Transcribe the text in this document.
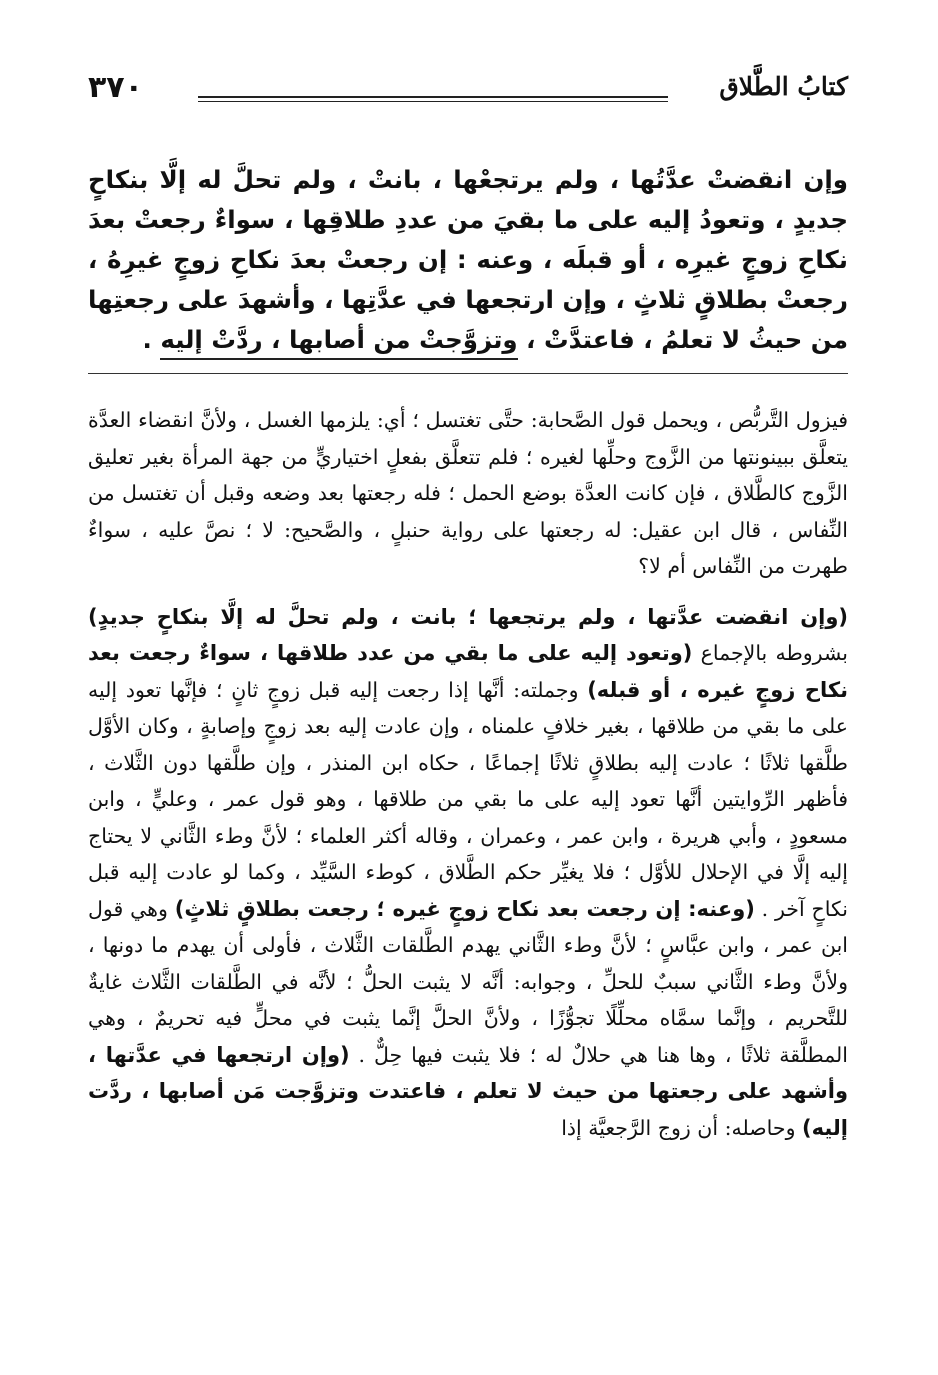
٣٧٠	كتابُ الطَّلاق
وإن انقضتْ عدَّتُها ، ولم يرتجعْها ، بانتْ ، ولم تحلَّ له إلَّا بنكاحٍ جديدٍ ، وتعودُ إليه على ما بقيَ من عددِ طلاقِها ، سواءٌ رجعتْ بعدَ نكاحِ زوجٍ غيرِه ، أو قبلَه ، وعنه : إن رجعتْ بعدَ نكاحِ زوجٍ غيرِهُ ، رجعتْ بطلاقٍ ثلاثٍ ، وإن ارتجعها في عدَّتِها ، وأشهدَ على رجعتِها من حيثُ لا تعلمُ ، فاعتدَّتْ ، وتزوَّجتْ من أصابها ، ردَّتْ إليه .

فيزول التَّربُّص ، ويحمل قول الصَّحابة: حتَّى تغتسل ؛ أي: يلزمها الغسل ، ولأنَّ انقضاء العدَّة يتعلَّق ببينونتها من الزَّوج وحلِّها لغيره ؛ فلم تتعلَّق بفعلٍ اختياريٍّ من جهة المرأة بغير تعليق الزَّوج كالطَّلاق ، فإن كانت العدَّة بوضع الحمل ؛ فله رجعتها بعد وضعه وقبل أن تغتسل من النِّفاس ، قال ابن عقيل: له رجعتها على رواية حنبلٍ ، والصَّحيح: لا ؛ نصَّ عليه ، سواءٌ طهرت من النِّفاس أم لا؟

(وإن انقضت عدَّتها ، ولم يرتجعها ؛ بانت ، ولم تحلَّ له إلَّا بنكاحٍ جديدٍ) بشروطه بالإجماع (وتعود إليه على ما بقي من عدد طلاقها ، سواءٌ رجعت بعد نكاح زوجٍ غيره ، أو قبله) وجملته: أنَّها إذا رجعت إليه قبل زوجٍ ثانٍ ؛ فإنَّها تعود إليه على ما بقي من طلاقها ، بغير خلافٍ علمناه ، وإن عادت إليه بعد زوجٍ وإصابةٍ ، وكان الأوَّل طلَّقها ثلاثًا ؛ عادت إليه بطلاقٍ ثلاثًا إجماعًا ، حكاه ابن المنذر ، وإن طلَّقها دون الثَّلاث ، فأظهر الرِّوايتين أنَّها تعود إليه على ما بقي من طلاقها ، وهو قول عمر ، وعليٍّ ، وابن مسعودٍ ، وأبي هريرة ، وابن عمر ، وعمران ، وقاله أكثر العلماء ؛ لأنَّ وطء الثَّاني لا يحتاج إليه إلَّا في الإحلال للأوَّل ؛ فلا يغيِّر حكم الطَّلاق ، كوطء السَّيِّد ، وكما لو عادت إليه قبل نكاحٍ آخر . (وعنه: إن رجعت بعد نكاح زوجٍ غيره ؛ رجعت بطلاقٍ ثلاثٍ) وهي قول ابن عمر ، وابن عبَّاسٍ ؛ لأنَّ وطء الثَّاني يهدم الطَّلقات الثَّلاث ، فأولى أن يهدم ما دونها ، ولأنَّ وطء الثَّاني سببٌ للحلِّ ، وجوابه: أنَّه لا يثبت الحلُّ ؛ لأنَّه في الطَّلقات الثَّلاث غايةٌ للتَّحريم ، وإنَّما سمَّاه محلِّلًا تجوُّزًا ، ولأنَّ الحلَّ إنَّما يثبت في محلٍّ فيه تحريمٌ ، وهي المطلَّقة ثلاثًا ، وها هنا هي حلالٌ له ؛ فلا يثبت فيها حِلٌّ . (وإن ارتجعها في عدَّتها ، وأشهد على رجعتها من حيث لا تعلم ، فاعتدت وتزوَّجت مَن أصابها ، ردَّت إليه) وحاصله: أن زوج الرَّجعيَّة إذا
